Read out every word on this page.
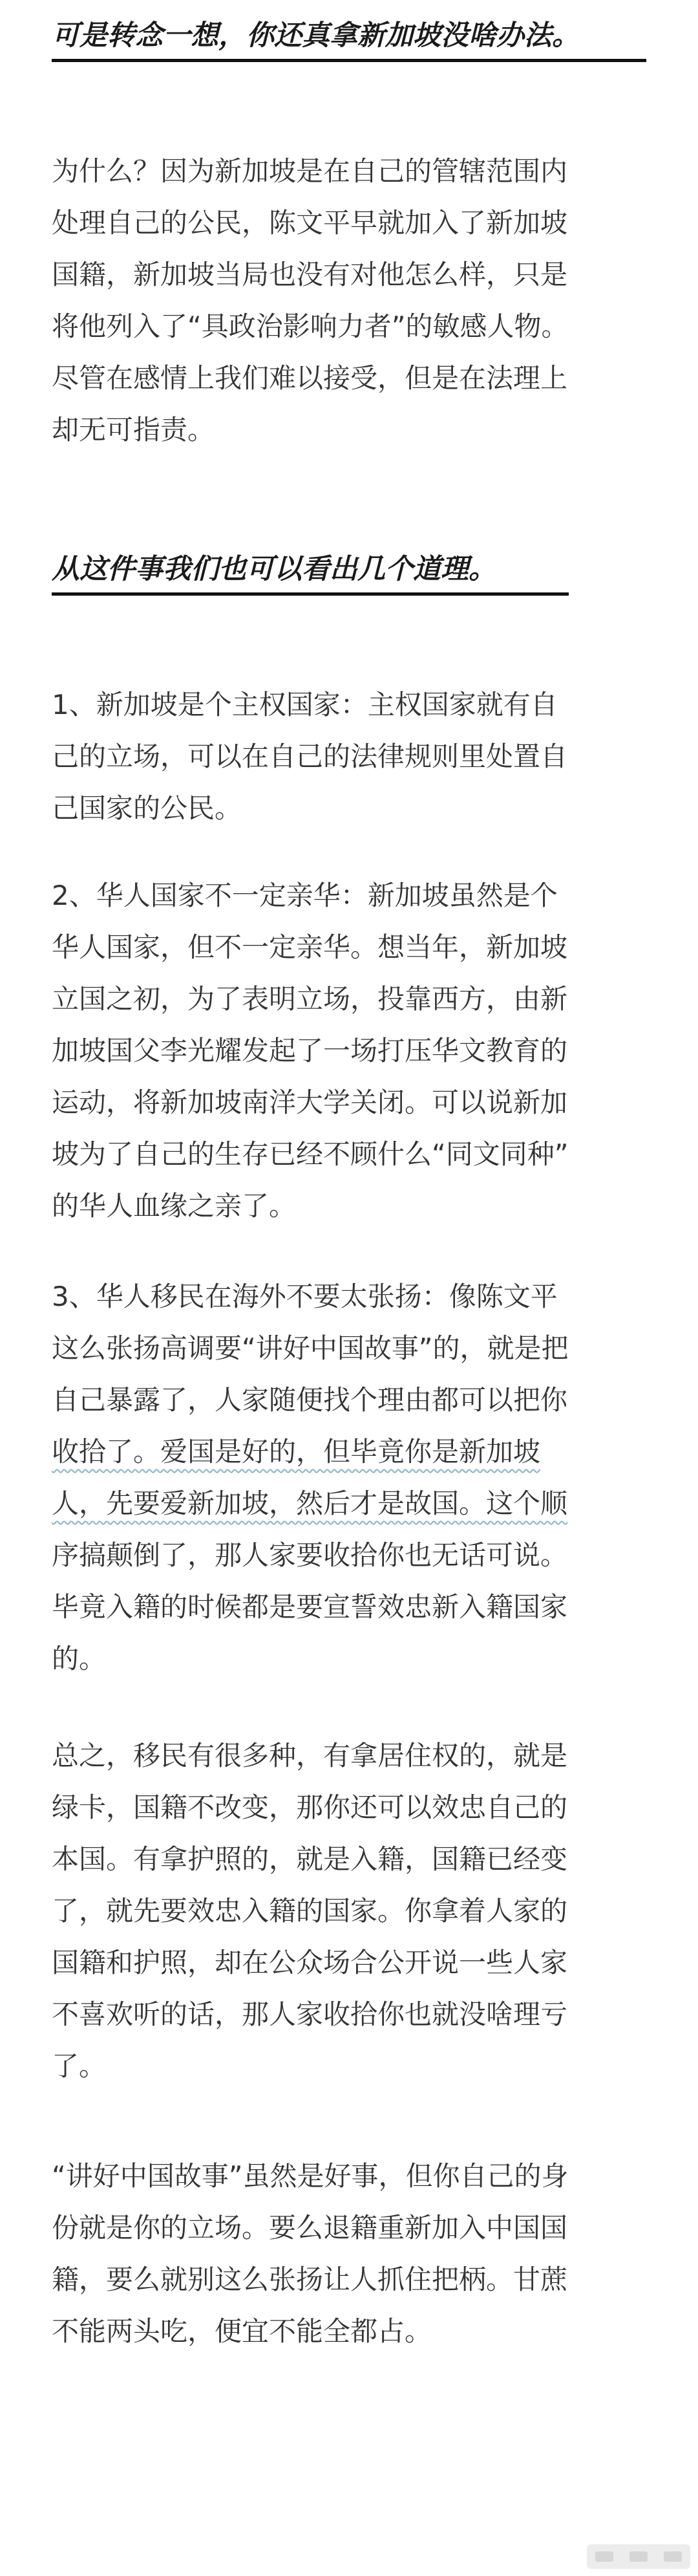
可是转念一想，你还真拿新加坡没啥办法。
为什么？因为新加坡是在自己的管辖范围内
处理自己的公民，陈文平早就加入了新加坡
国籍，新加坡当局也没有对他怎么样，只是
将他列入了“具政治影响力者”的敏感人物。
尽管在感情上我们难以接受，但是在法理上
却无可指责。
从这件事我们也可以看出几个道理。
1、新加坡是个主权国家：主权国家就有自
己的立场，可以在自己的法律规则里处置自
己国家的公民。
2、华人国家不一定亲华：新加坡虽然是个
华人国家，但不一定亲华。想当年，新加坡
立国之初，为了表明立场，投靠西方，由新
加坡国父李光耀发起了一场打压华文教育的
运动，将新加坡南洋大学关闭。可以说新加
坡为了自己的生存已经不顾什么“同文同种”
的华人血缘之亲了。
3、华人移民在海外不要太张扬：像陈文平
这么张扬高调要“讲好中国故事”的，就是把
自己暴露了，人家随便找个理由都可以把你
收拾了。爱国是好的，但毕竟你是新加坡
人，先要爱新加坡，然后才是故国。这个顺
序搞颠倒了，那人家要收拾你也无话可说。
毕竟入籍的时候都是要宣誓效忠新入籍国家
的。
总之，移民有很多种，有拿居住权的，就是
绿卡，国籍不改变，那你还可以效忠自己的
本国。有拿护照的，就是入籍，国籍已经变
了，就先要效忠入籍的国家。你拿着人家的
国籍和护照，却在公众场合公开说一些人家
不喜欢听的话，那人家收拾你也就没啥理亏
了。
“讲好中国故事”虽然是好事，但你自己的身
份就是你的立场。要么退籍重新加入中国国
籍，要么就别这么张扬让人抓住把柄。甘蔗
不能两头吃，便宜不能全都占。
